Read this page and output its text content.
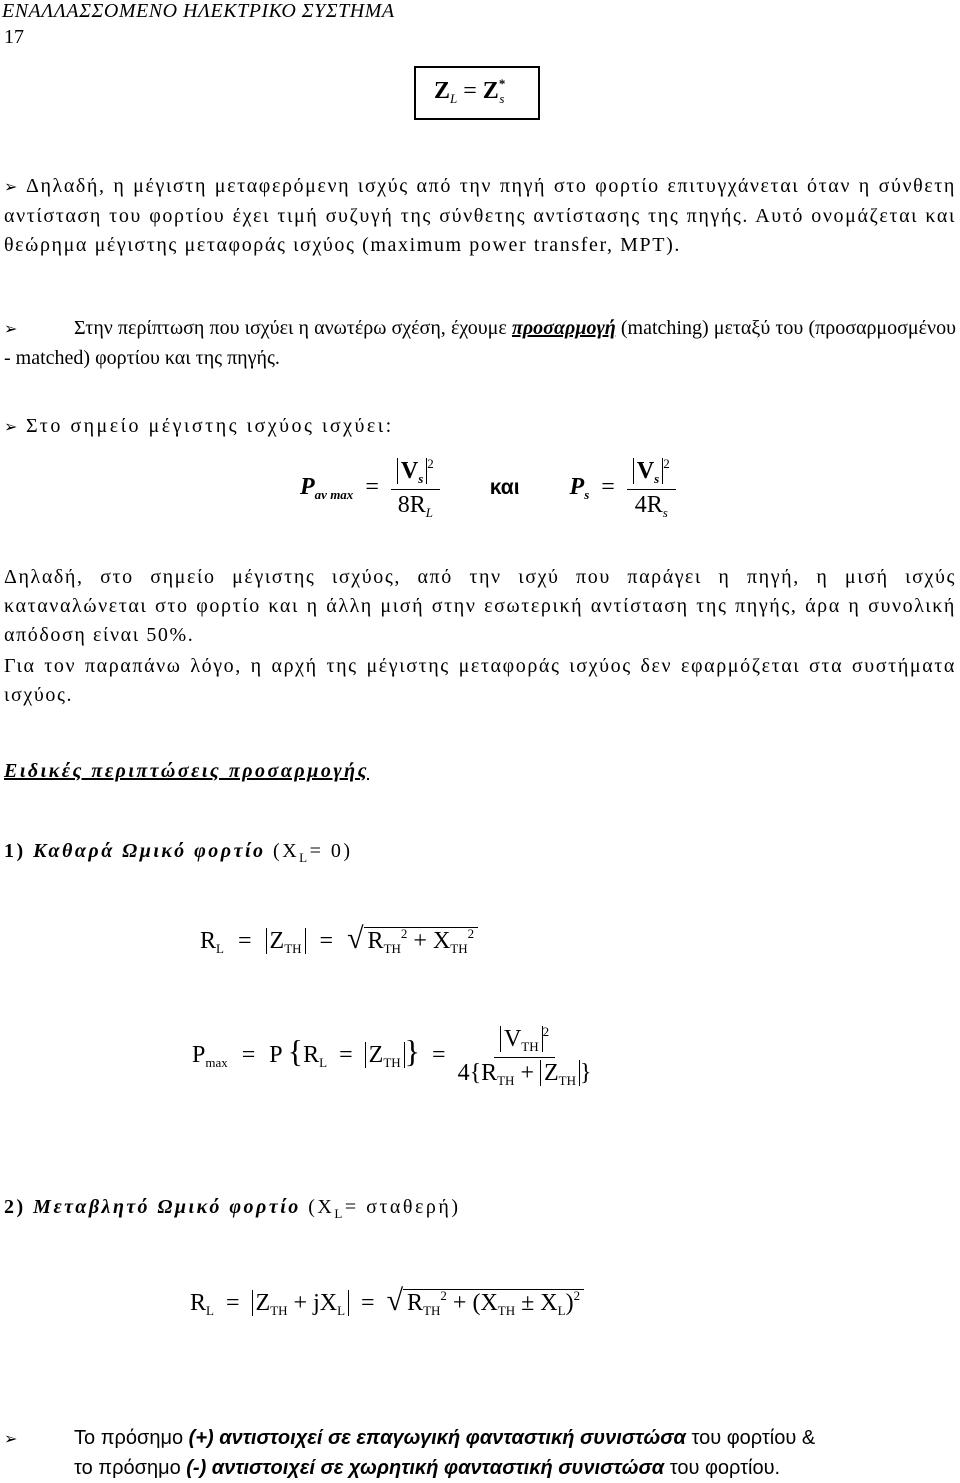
ΕΝΑΛΛΑΣΣΟΜΕΝΟ ΗΛΕΚΤΡΙΚΟ ΣΥΣΤΗΜΑ
17
$Z_L = Z^*_s$
➢ Δηλαδή, η μέγιστη μεταφερόμενη ισχύς από την πηγή στο φορτίο επιτυγχάνεται όταν η σύνθετη αντίσταση του φορτίου έχει τιμή συζυγή της σύνθετης αντίστασης της πηγής. Αυτό ονομάζεται και θεώρημα μέγιστης μεταφοράς ισχύος (maximum power transfer, MPT).
➢	Στην περίπτωση που ισχύει η ανωτέρω σχέση, έχουμε προσαρμογή (matching) μεταξύ του (προσαρμοσμένου - matched) φορτίου και της πηγής.
➢ Στο σημείο μέγιστης ισχύος ισχύει:
$P_{av max} = \frac{V_s^2}{8R_L}$ και $P_s = \frac{V_s^2}{4R_s}$
Δηλαδή, στο σημείο μέγιστης ισχύος, από την ισχύ που παράγει η πηγή, η μισή ισχύς καταναλώνεται στο φορτίο και η άλλη μισή στην εσωτερική αντίσταση της πηγής, άρα η συνολική απόδοση είναι 50%.
Για τον παραπάνω λόγο, η αρχή της μέγιστης μεταφοράς ισχύος δεν εφαρμόζεται στα συστήματα ισχύος.
Ειδικές περιπτώσεις προσαρμογής
1) Καθαρά Ωμικό φορτίο $(X_L= 0)$
$R_L = Z_{TH}$ = √ $R_{TH}^2 + X_{TH}^2$
$P_{max} = P$ {$R_L = Z_{TH}$ } = $\frac{V_{TH}^2}{4\{R_{TH} + Z_{TH} \}}$
2) Μεταβλητό Ωμικό φορτίο $(X_L= \sigma\tau\alpha\theta\varepsilon\rho ή)$
$R_L = Z_{TH} + jX_L$ = √ $R_{TH}^2 + (X_{TH} \pm X_L)^2$
➢	Το πρόσημο (+) αντιστοιχεί σε επαγωγική φανταστική συνιστώσα του φορτίου &
το πρόσημο (-) αντιστοιχεί σε χωρητική φανταστική συνιστώσα του φορτίου.
